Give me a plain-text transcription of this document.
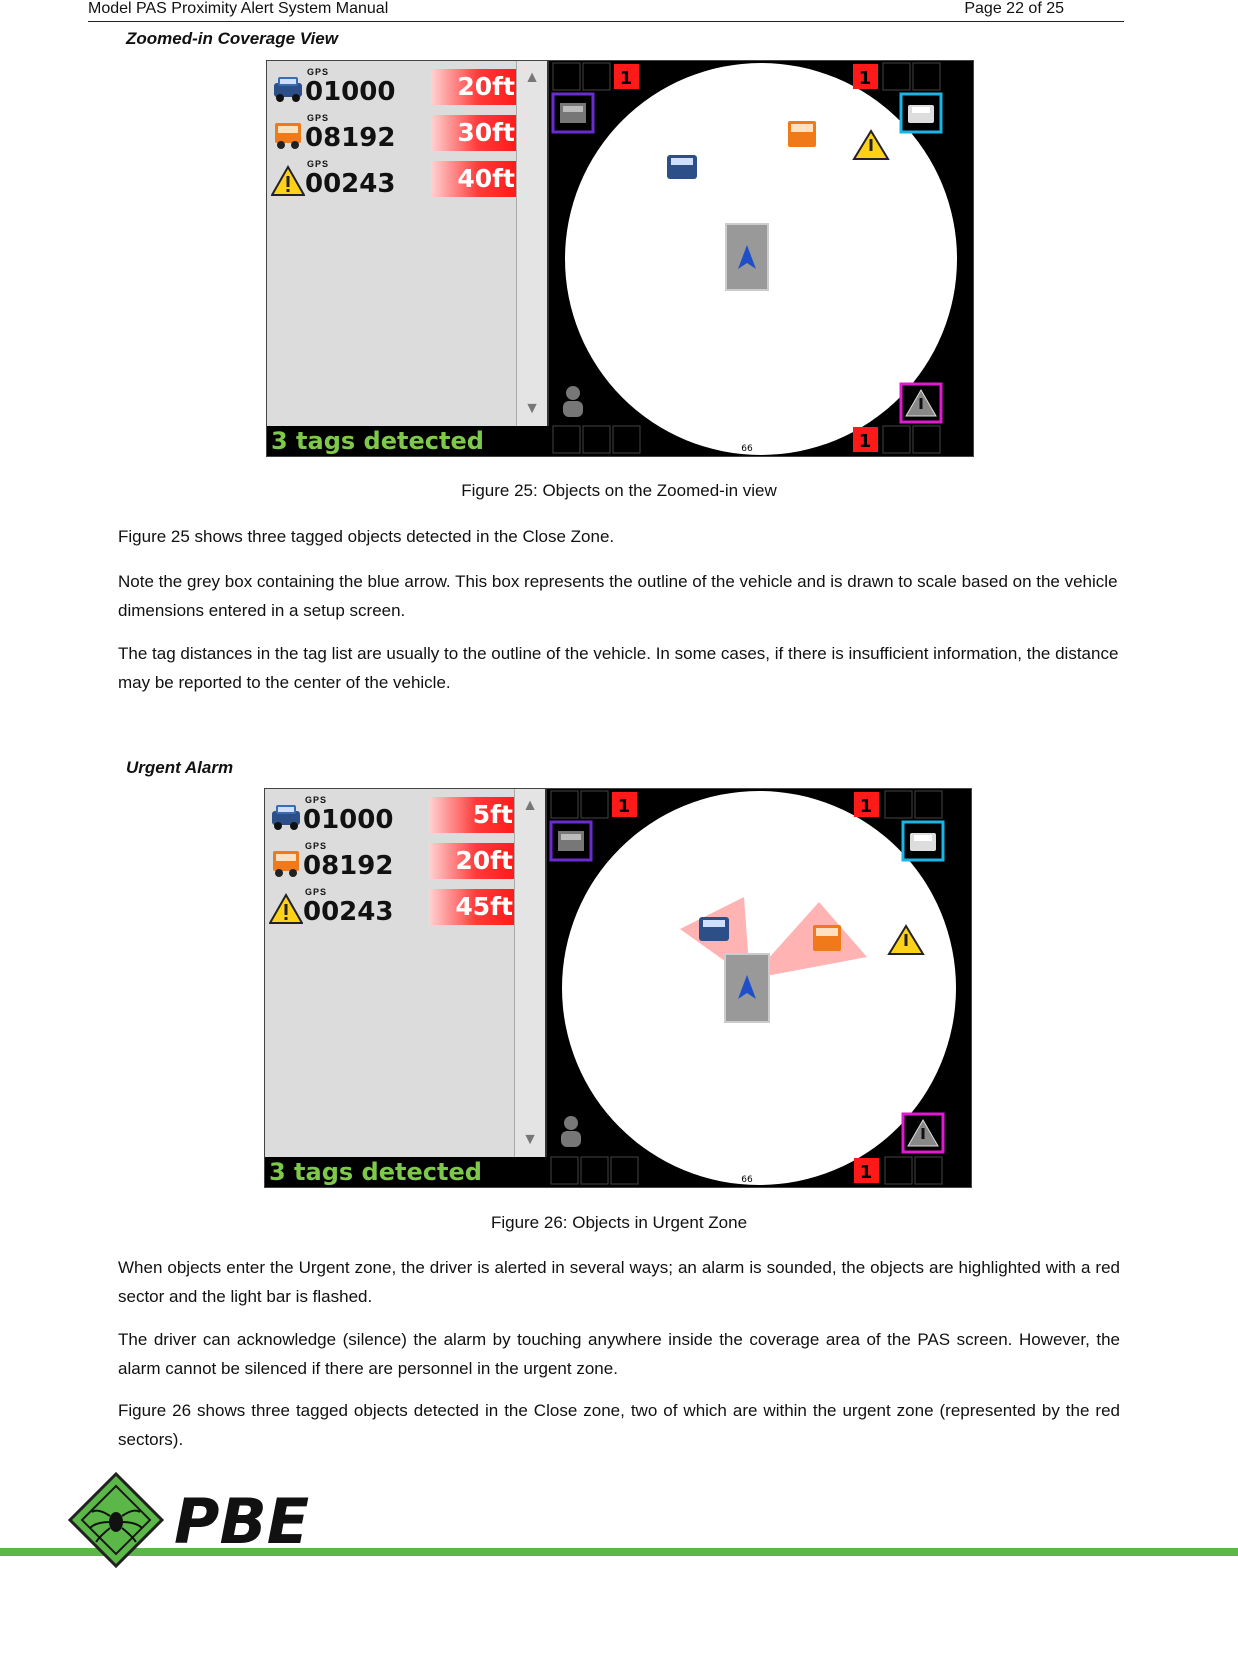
Model PAS Proximity Alert System Manual	Page 22 of 25
Zoomed-in Coverage View
GPS
01000	20ft
GPS
08192	30ft
GPS
00243	40ft
▲
▼
3 tags detected
1	1
1
66
Figure 25: Objects on the Zoomed-in view

Figure 25 shows three tagged objects detected in the Close Zone.

Note the grey box containing the blue arrow. This box represents the outline of the vehicle and is drawn to scale based on the vehicle dimensions entered in a setup screen.

The tag distances in the tag list are usually to the outline of the vehicle. In some cases, if there is insufficient information, the distance may be reported to the center of the vehicle.

Urgent Alarm
GPS
01000	5ft
GPS
08192	20ft
GPS
00243	45ft
▲
▼
3 tags detected
1	1
1
66
Figure 26: Objects in Urgent Zone

When objects enter the Urgent zone, the driver is alerted in several ways; an alarm is sounded, the objects are highlighted with a red sector and the light bar is flashed.

The driver can acknowledge (silence) the alarm by touching anywhere inside the coverage area of the PAS screen. However, the alarm cannot be silenced if there are personnel in the urgent zone.

Figure 26 shows three tagged objects detected in the Close zone, two of which are within the urgent zone (represented by the red sectors).

PBE
